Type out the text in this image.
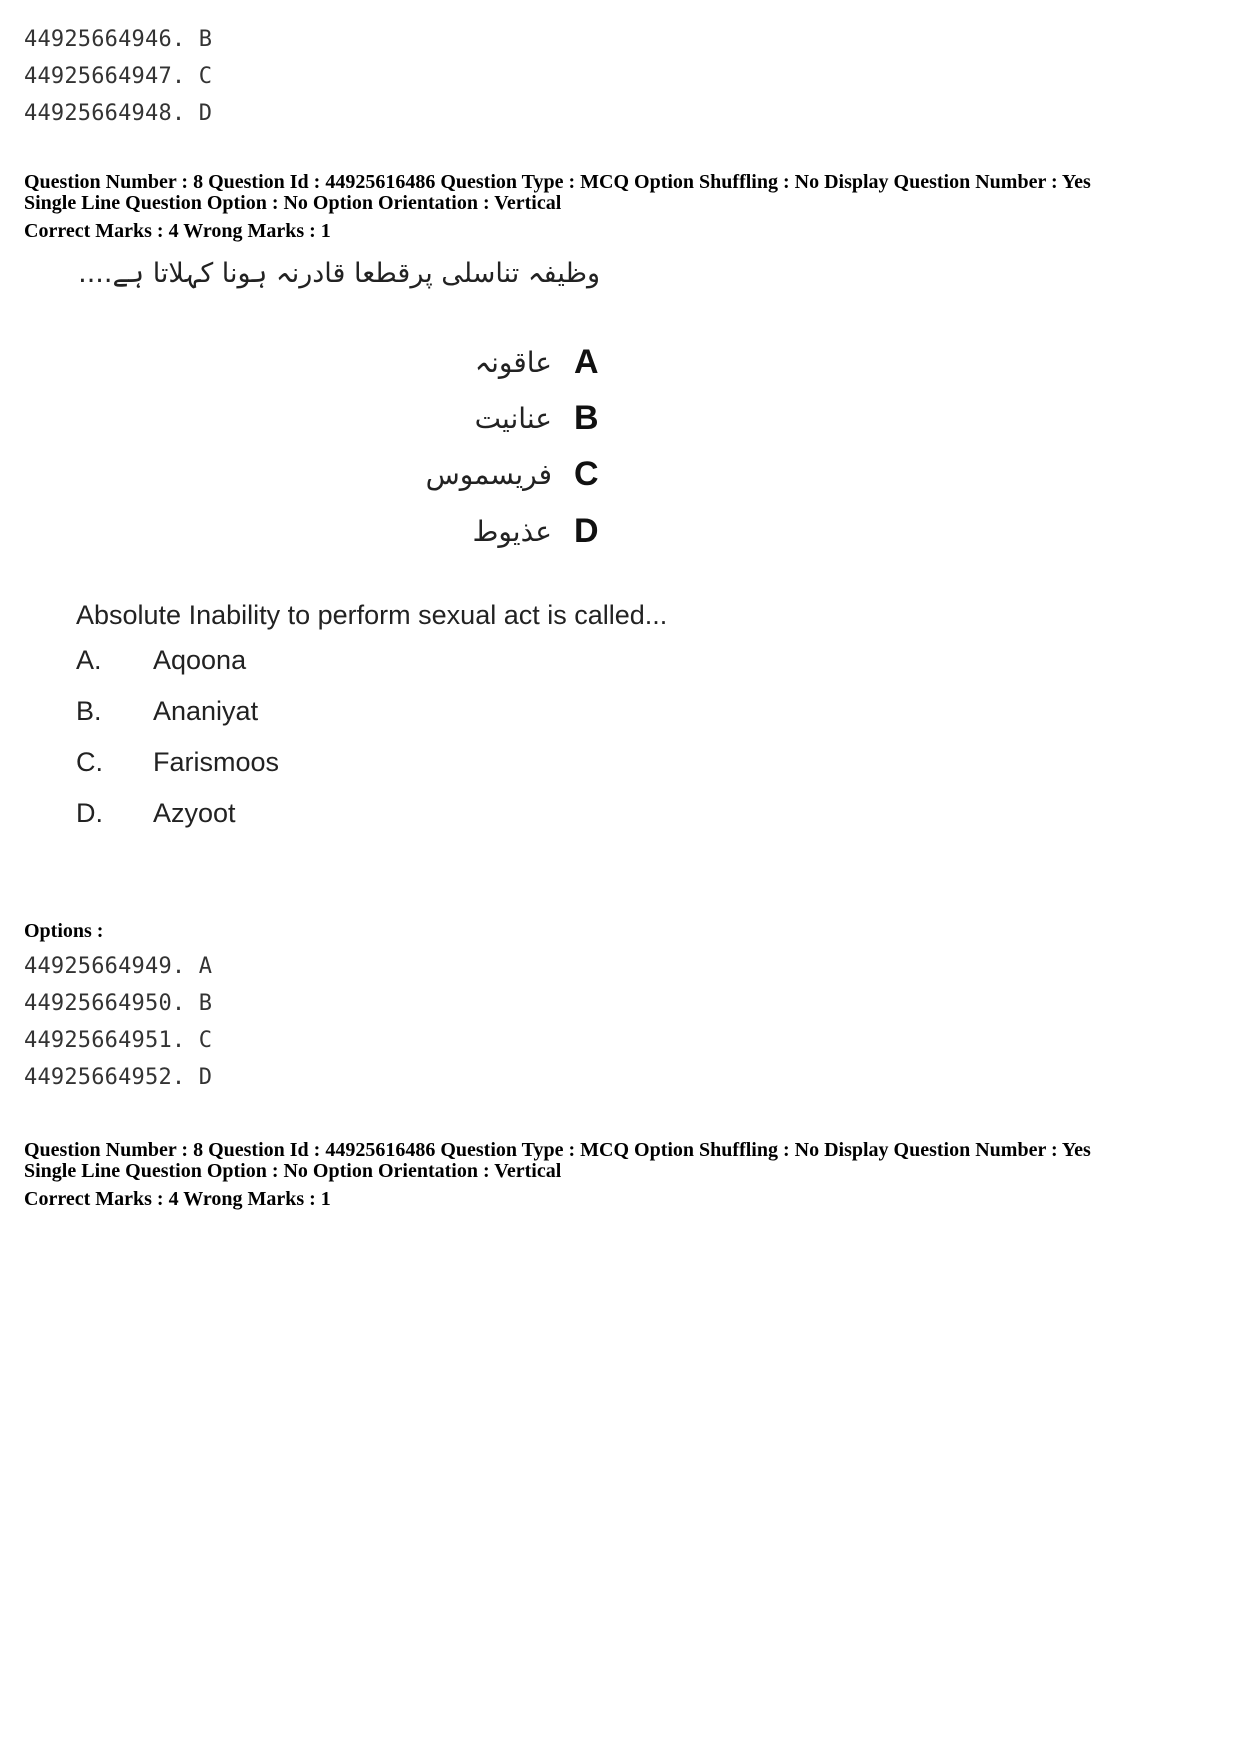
44925664946. B
44925664947. C
44925664948. D
Question Number : 8 Question Id : 44925616486 Question Type : MCQ Option Shuffling : No Display Question Number : Yes
Single Line Question Option : No Option Orientation : Vertical
Correct Marks : 4 Wrong Marks : 1
وظیفہ تناسلی پرقطعا قادرنہ ہونا کہلاتا ہے....
عاقونہ A
عنانیت B
فریسموس C
عذیوط D
Absolute Inability to perform sexual act is called...
A.	Aqoona
B.	Ananiyat
C.	Farismoos
D.	Azyoot
Options :
44925664949. A
44925664950. B
44925664951. C
44925664952. D
Question Number : 8 Question Id : 44925616486 Question Type : MCQ Option Shuffling : No Display Question Number : Yes
Single Line Question Option : No Option Orientation : Vertical
Correct Marks : 4 Wrong Marks : 1
